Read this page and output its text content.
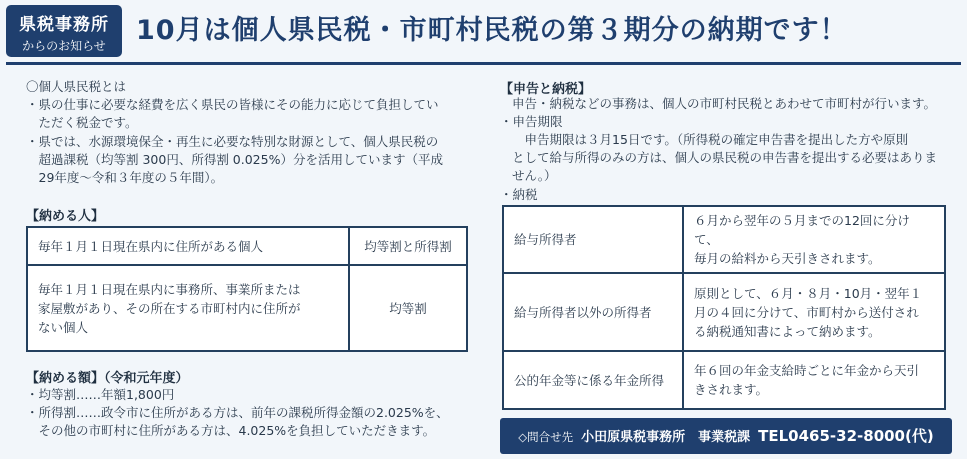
県税事務所
からのお知らせ	10月は個人県民税・市町村民税の第３期分の納期です！
〇個人県民税とは
・県の仕事に必要な経費を広く県民の皆様にその能力に応じて負担してい
　ただく税金です。
・県では、水源環境保全・再生に必要な特別な財源として、個人県民税の
　超過課税（均等割 300円、所得割 0.025%）分を活用しています（平成
　29年度〜令和３年度の５年間）。
【納める人】
毎年１月１日現在県内に住所がある個人	均等割と所得割

毎年１月１日現在県内に事務所、事業所または
家屋敷があり、その所在する市町村内に住所が
ない個人	均等割
【納める額】（令和元年度）
・均等割……年額1,800円
・所得割……政令市に住所がある方は、前年の課税所得金額の2.025%を、
　その他の市町村に住所がある方は、4.025%を負担していただきます。
【申告と納税】
申告・納税などの事務は、個人の市町村民税とあわせて市町村が行います。
・申告期限
　申告期限は３月15日です。（所得税の確定申告書を提出した方や原則
として給与所得のみの方は、個人の県民税の申告書を提出する必要はありま
せん。）
・納税
給与所得者	６月から翌年の５月までの12回に分けて、
毎月の給料から天引きされます。

給与所得者以外の所得者	原則として、６月・８月・10月・翌年１
月の４回に分けて、市町村から送付され
る納税通知書によって納めます。

公的年金等に係る年金所得	年６回の年金支給時ごとに年金から天引
きされます。
◇問合せ先 小田原県税事務所　事業税課 TEL0465-32-8000(代)
